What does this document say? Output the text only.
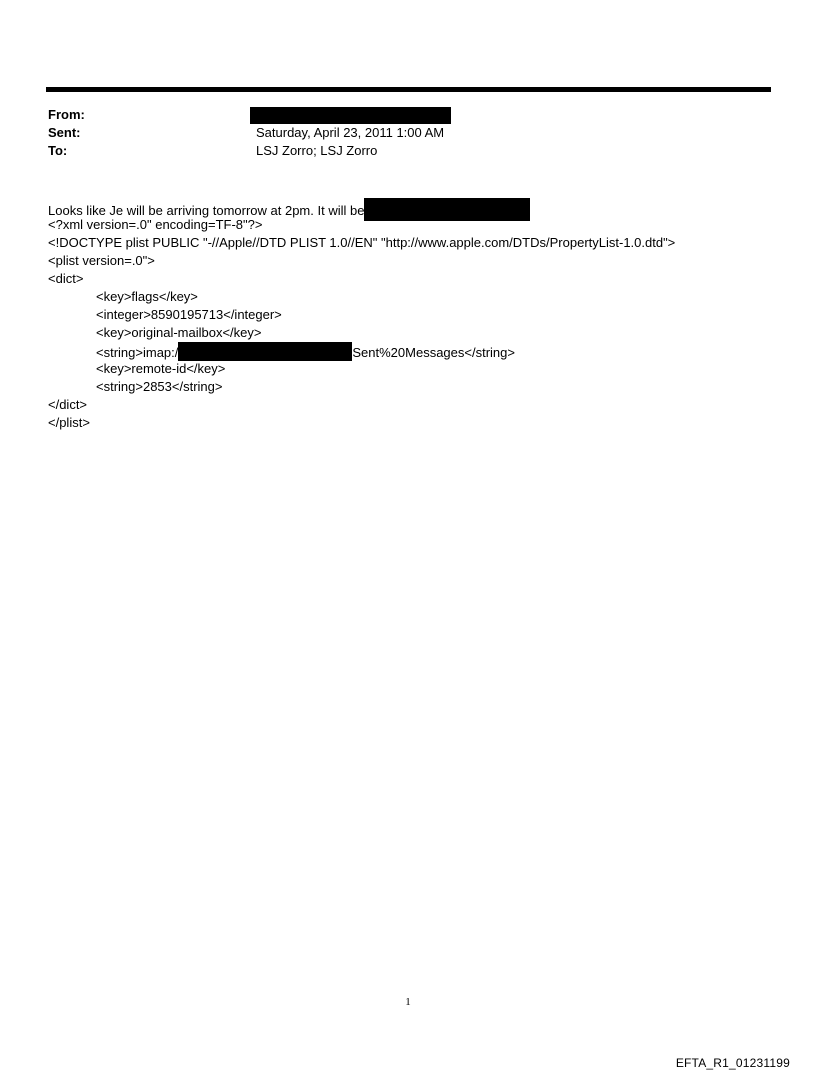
From:
Sent:	Saturday, April 23, 2011 1:00 AM
To:	LSJ Zorro; LSJ Zorro
Looks like Je will be arriving tomorrow at 2pm. It will be
<?xml version=.0" encoding=TF-8"?>
<!DOCTYPE plist PUBLIC "-//Apple//DTD PLIST 1.0//EN" "http://www.apple.com/DTDs/PropertyList-1.0.dtd">
<plist version=.0">
<dict>
<key>flags</key>
<integer>8590195713</integer>
<key>original-mailbox</key>
<string>imap:/	Sent%20Messages</string>
<key>remote-id</key>
<string>2853</string>
</dict>
</plist>
1
EFTA_R1_01231199
